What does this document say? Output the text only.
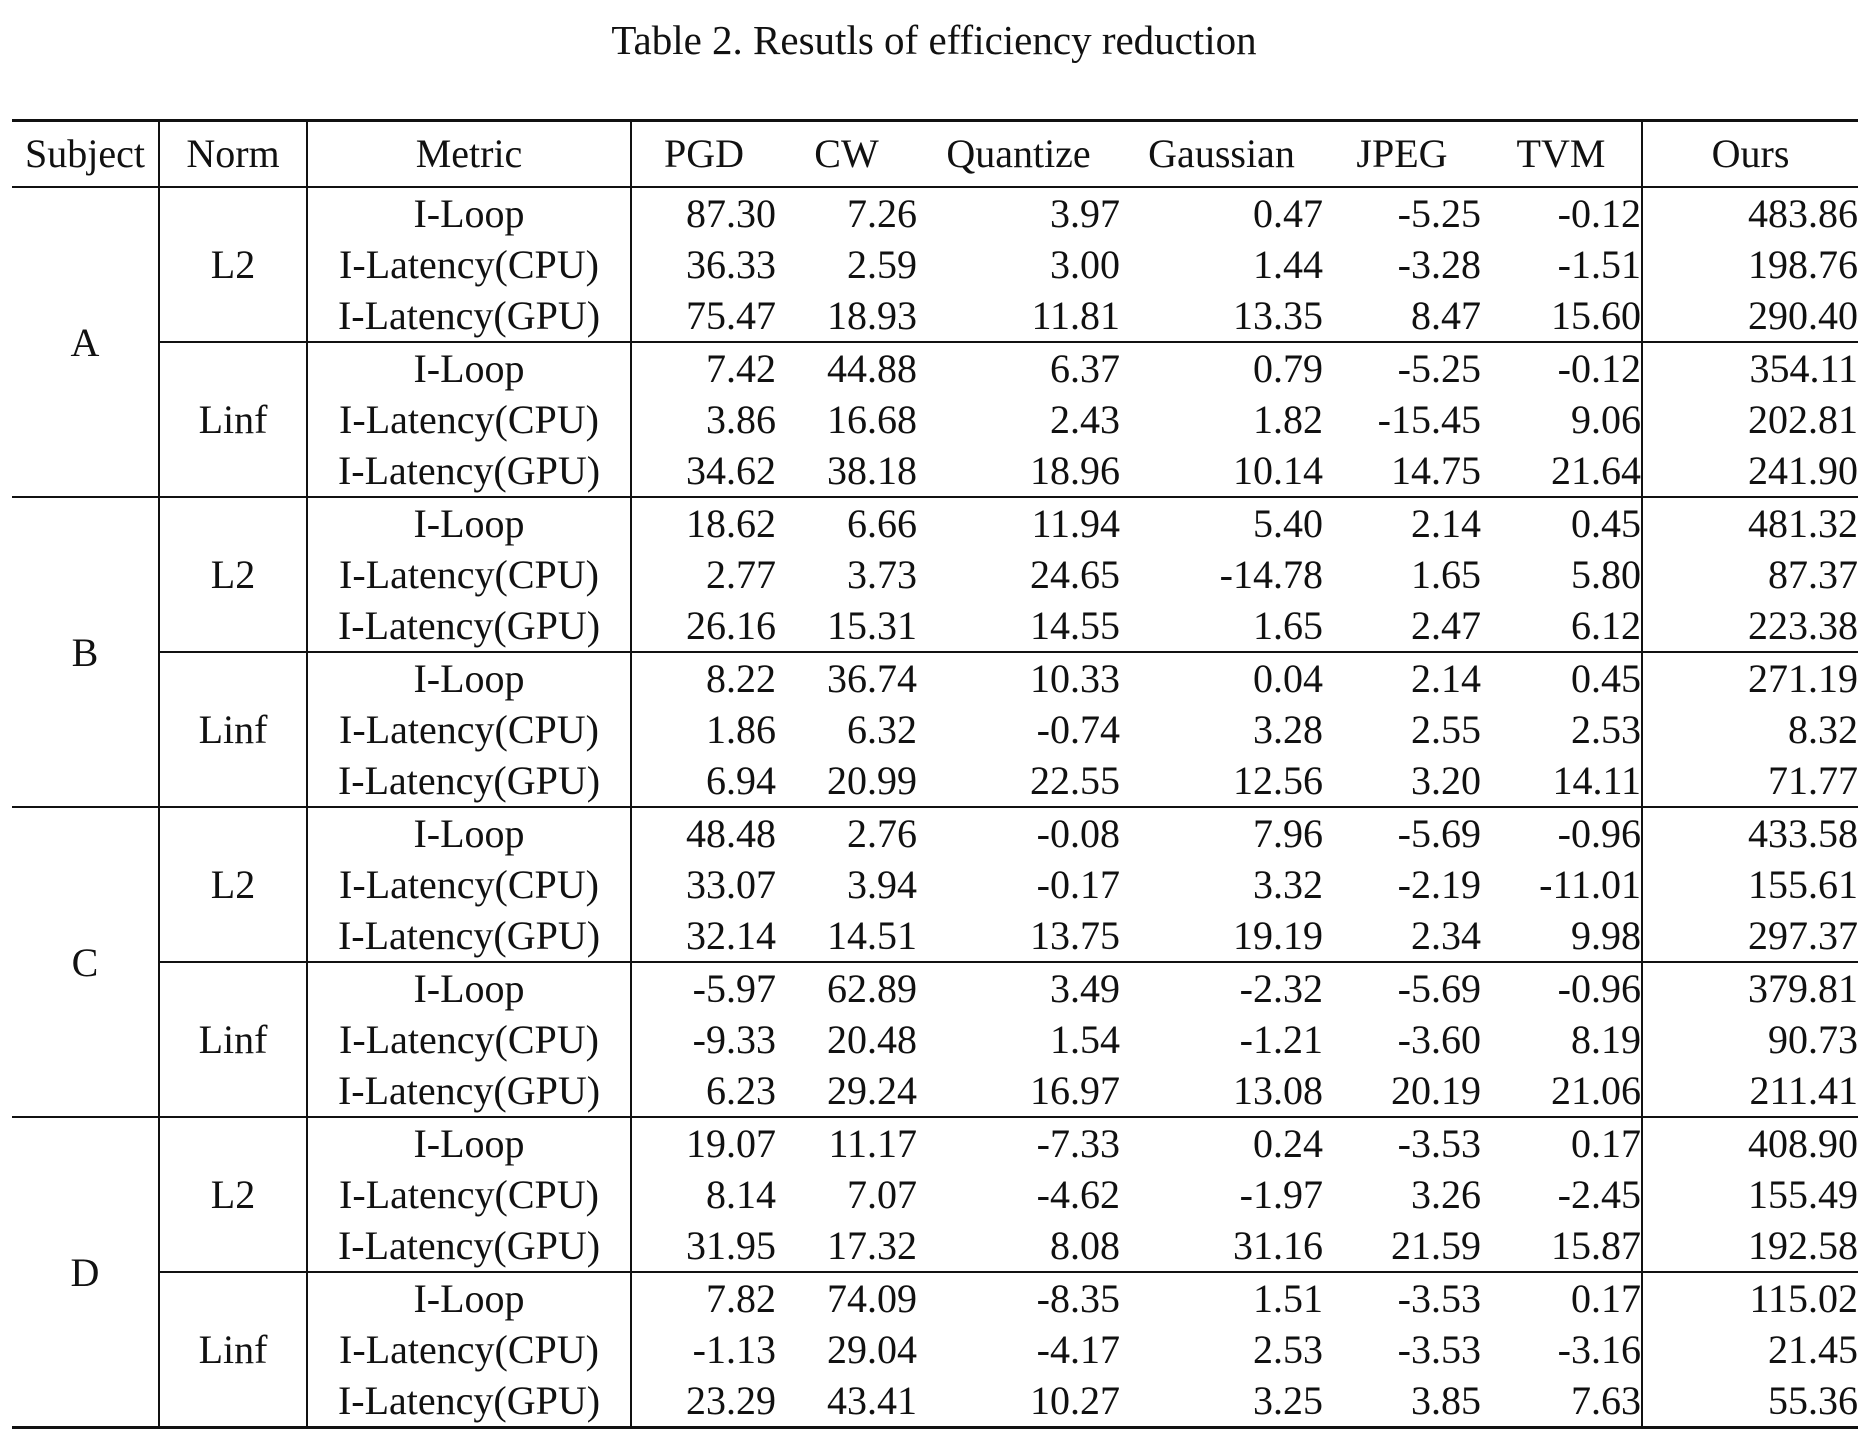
Table 2. Resutls of efficiency reduction

Subject	Norm	Metric	PGD	CW	Quantize	Gaussian	JPEG	TVM	Ours
A	L2	I-Loop	87.30	7.26	3.97	0.47	-5.25	-0.12	483.86
		I-Latency(CPU)	36.33	2.59	3.00	1.44	-3.28	-1.51	198.76
		I-Latency(GPU)	75.47	18.93	11.81	13.35	8.47	15.60	290.40
	Linf	I-Loop	7.42	44.88	6.37	0.79	-5.25	-0.12	354.11
		I-Latency(CPU)	3.86	16.68	2.43	1.82	-15.45	9.06	202.81
		I-Latency(GPU)	34.62	38.18	18.96	10.14	14.75	21.64	241.90
B	L2	I-Loop	18.62	6.66	11.94	5.40	2.14	0.45	481.32
		I-Latency(CPU)	2.77	3.73	24.65	-14.78	1.65	5.80	87.37
		I-Latency(GPU)	26.16	15.31	14.55	1.65	2.47	6.12	223.38
	Linf	I-Loop	8.22	36.74	10.33	0.04	2.14	0.45	271.19
		I-Latency(CPU)	1.86	6.32	-0.74	3.28	2.55	2.53	8.32
		I-Latency(GPU)	6.94	20.99	22.55	12.56	3.20	14.11	71.77
C	L2	I-Loop	48.48	2.76	-0.08	7.96	-5.69	-0.96	433.58
		I-Latency(CPU)	33.07	3.94	-0.17	3.32	-2.19	-11.01	155.61
		I-Latency(GPU)	32.14	14.51	13.75	19.19	2.34	9.98	297.37
	Linf	I-Loop	-5.97	62.89	3.49	-2.32	-5.69	-0.96	379.81
		I-Latency(CPU)	-9.33	20.48	1.54	-1.21	-3.60	8.19	90.73
		I-Latency(GPU)	6.23	29.24	16.97	13.08	20.19	21.06	211.41
D	L2	I-Loop	19.07	11.17	-7.33	0.24	-3.53	0.17	408.90
		I-Latency(CPU)	8.14	7.07	-4.62	-1.97	3.26	-2.45	155.49
		I-Latency(GPU)	31.95	17.32	8.08	31.16	21.59	15.87	192.58
	Linf	I-Loop	7.82	74.09	-8.35	1.51	-3.53	0.17	115.02
		I-Latency(CPU)	-1.13	29.04	-4.17	2.53	-3.53	-3.16	21.45
		I-Latency(GPU)	23.29	43.41	10.27	3.25	3.85	7.63	55.36
